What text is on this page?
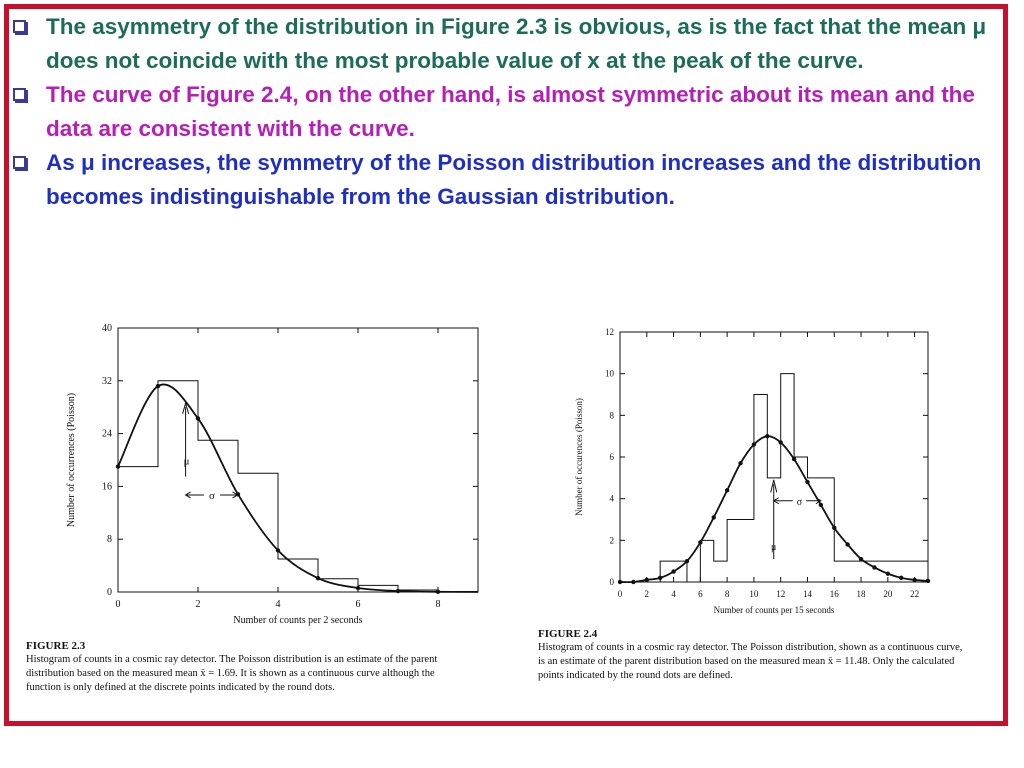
The asymmetry of the distribution in Figure 2.3 is obvious, as is the fact that the mean μ does not coincide with the most probable value of x at the peak of the curve.
The curve of Figure 2.4, on the other hand, is almost symmetric about its mean and the data are consistent with the curve.
As μ increases, the symmetry of the Poisson distribution increases and the distribution becomes indistinguishable from the Gaussian distribution.
0	2	4	6	8
0
8
16
24
32
40
Number of counts per 2 seconds
Number of occurrences (Poisson)	μ
σ
FIGURE 2.3
Histogram of counts in a cosmic ray detector. The Poisson distribution is an estimate of the parent
distribution based on the measured mean x̄ = 1.69. It is shown as a continuous curve although the
function is only defined at the discrete points indicated by the round dots.
0 2 4 6 8 10 12 14 16 18 20 22
0
2
4
6
8
10
12
Number of counts per 15 seconds
Number of occurences (Poisson)	σ
μ
FIGURE 2.4
Histogram of counts in a cosmic ray detector. The Poisson distribution, shown as a continuous curve,
is an estimate of the parent distribution based on the measured mean x̄ = 11.48. Only the calculated
points indicated by the round dots are defined.
